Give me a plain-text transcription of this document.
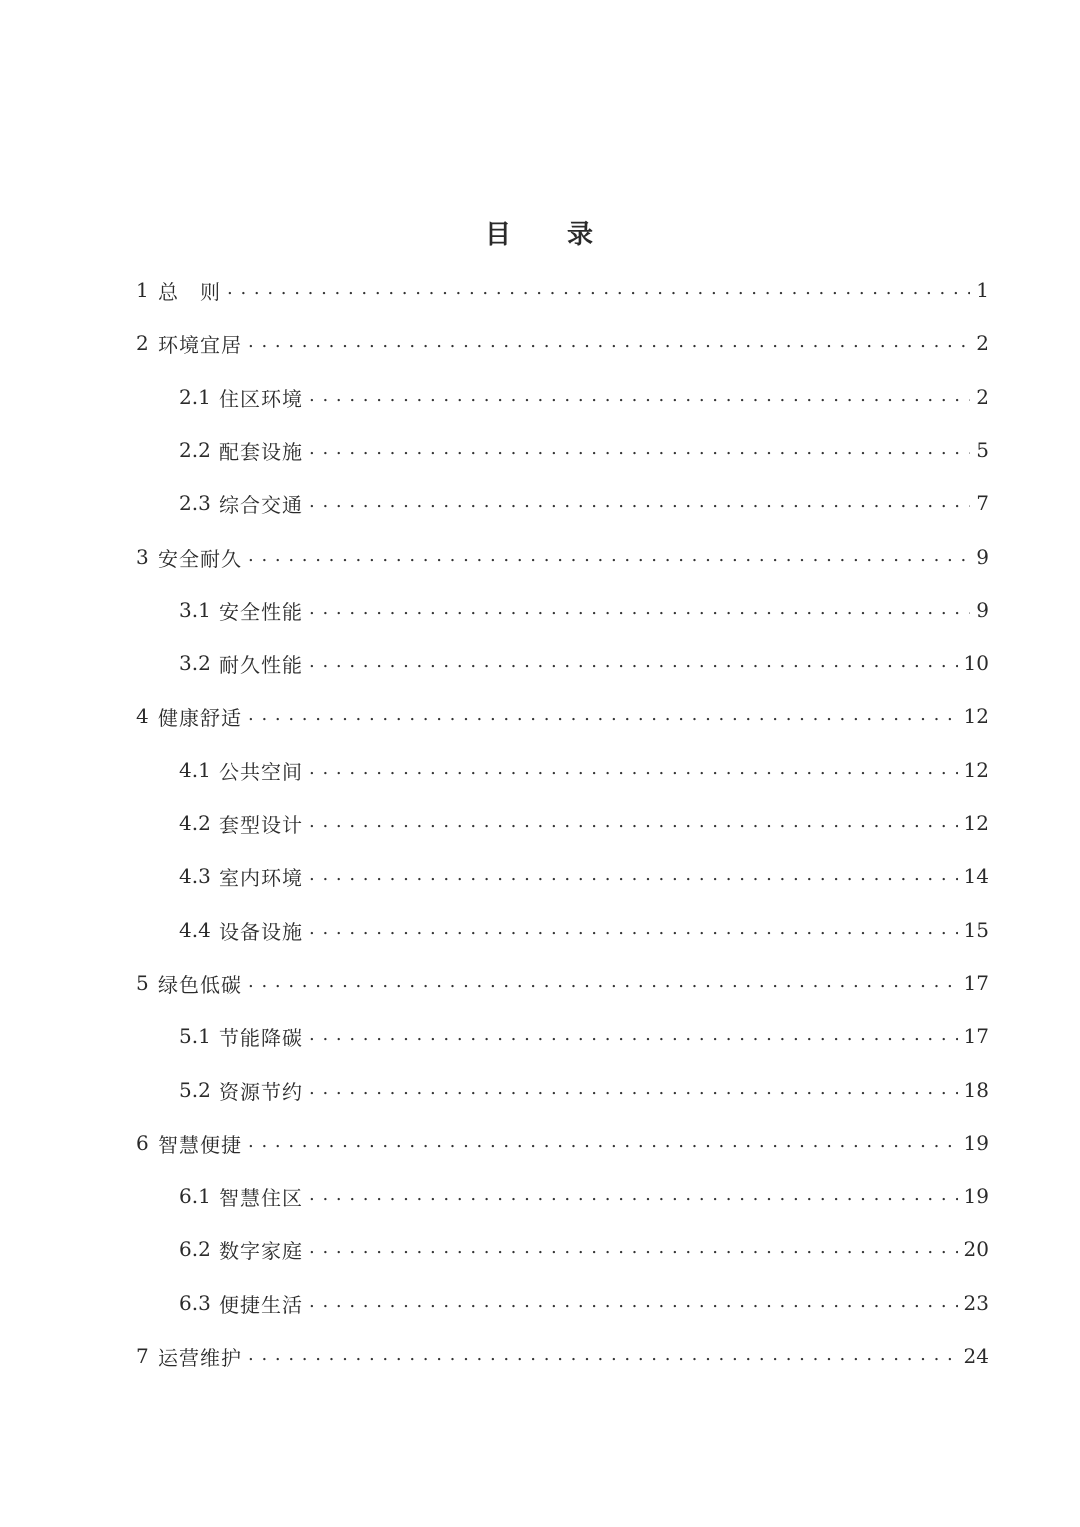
目 录
1 总　则 . . .	1
2 环境宜居 . . .	2
2.1 住区环境 . . .	2
2.2 配套设施 . . .	5
2.3 综合交通 . . .	7
3 安全耐久 . . .	9
3.1 安全性能 . . .	9
3.2 耐久性能 . . .	10
4 健康舒适 . . .	12
4.1 公共空间 . . .	12
4.2 套型设计 . . .	12
4.3 室内环境 . . .	14
4.4 设备设施 . . .	15
5 绿色低碳 . . .	17
5.1 节能降碳 . . .	17
5.2 资源节约 . . .	18
6 智慧便捷 . . .	19
6.1 智慧住区 . . .	19
6.2 数字家庭 . . .	20
6.3 便捷生活 . . .	23
7 运营维护 . . .	24
